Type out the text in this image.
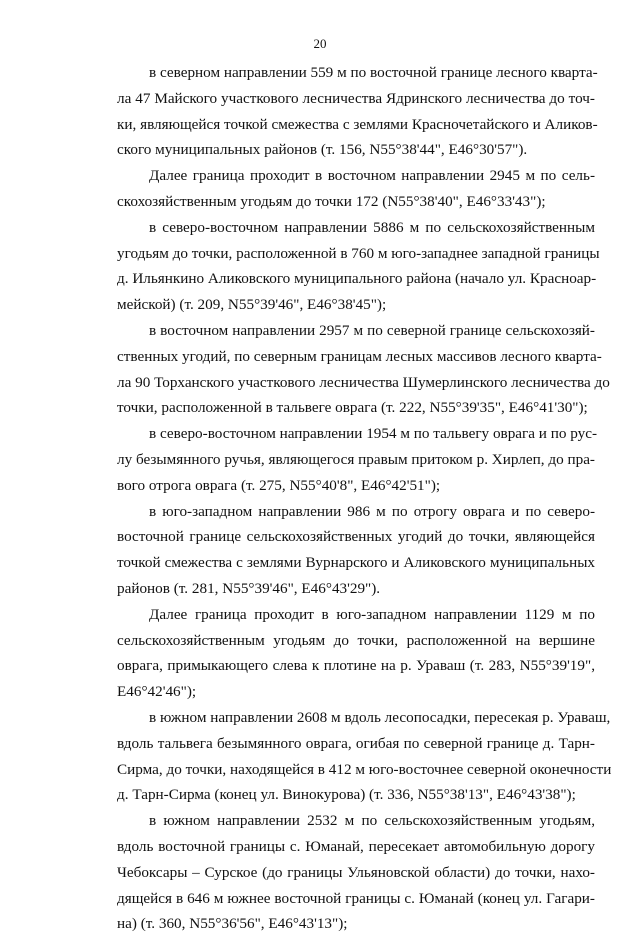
20
в северном направлении 559 м по восточной границе лесного кварта-
ла 47 Майского участкового лесничества Ядринского лесничества до точ-
ки, являющейся точкой смежества с землями Красночетайского и Аликов-
ского муниципальных районов (т. 156, N55°38'44", E46°30'57").
Далее граница проходит в восточном направлении 2945 м по сель-
скохозяйственным угодьям до точки 172 (N55°38'40", E46°33'43");
в северо-восточном направлении 5886 м по сельскохозяйственным
угодьям до точки, расположенной в 760 м юго-западнее западной границы
д. Ильянкино Аликовского муниципального района (начало ул. Красноар-
мейской) (т. 209, N55°39'46", E46°38'45");
в восточном направлении 2957 м по северной границе сельскохозяй-
ственных угодий, по северным границам лесных массивов лесного кварта-
ла 90 Торханского участкового лесничества Шумерлинского лесничества до
точки, расположенной в тальвеге оврага (т. 222, N55°39'35", E46°41'30");
в северо-восточном направлении 1954 м по тальвегу оврага и по рус-
лу безымянного ручья, являющегося правым притоком р. Хирлеп, до пра-
вого отрога оврага (т. 275, N55°40'8", E46°42'51");
в юго-западном направлении 986 м по отрогу оврага и по северо-
восточной границе сельскохозяйственных угодий до точки, являющейся
точкой смежества с землями Вурнарского и Аликовского муниципальных
районов (т. 281, N55°39'46", E46°43'29").
Далее граница проходит в юго-западном направлении 1129 м по
сельскохозяйственным угодьям до точки, расположенной на вершине
оврага, примыкающего слева к плотине на р. Ураваш (т. 283, N55°39'19",
E46°42'46");
в южном направлении 2608 м вдоль лесопосадки, пересекая р. Ураваш,
вдоль тальвега безымянного оврага, огибая по северной границе д. Тарн-
Сирма, до точки, находящейся в 412 м юго-восточнее северной оконечности
д. Тарн-Сирма (конец ул. Винокурова) (т. 336, N55°38'13", E46°43'38");
в южном направлении 2532 м по сельскохозяйственным угодьям,
вдоль восточной границы с. Юманай, пересекает автомобильную дорогу
Чебоксары – Сурское (до границы Ульяновской области) до точки, нахо-
дящейся в 646 м южнее восточной границы с. Юманай (конец ул. Гагари-
на) (т. 360, N55°36'56", E46°43'13");
